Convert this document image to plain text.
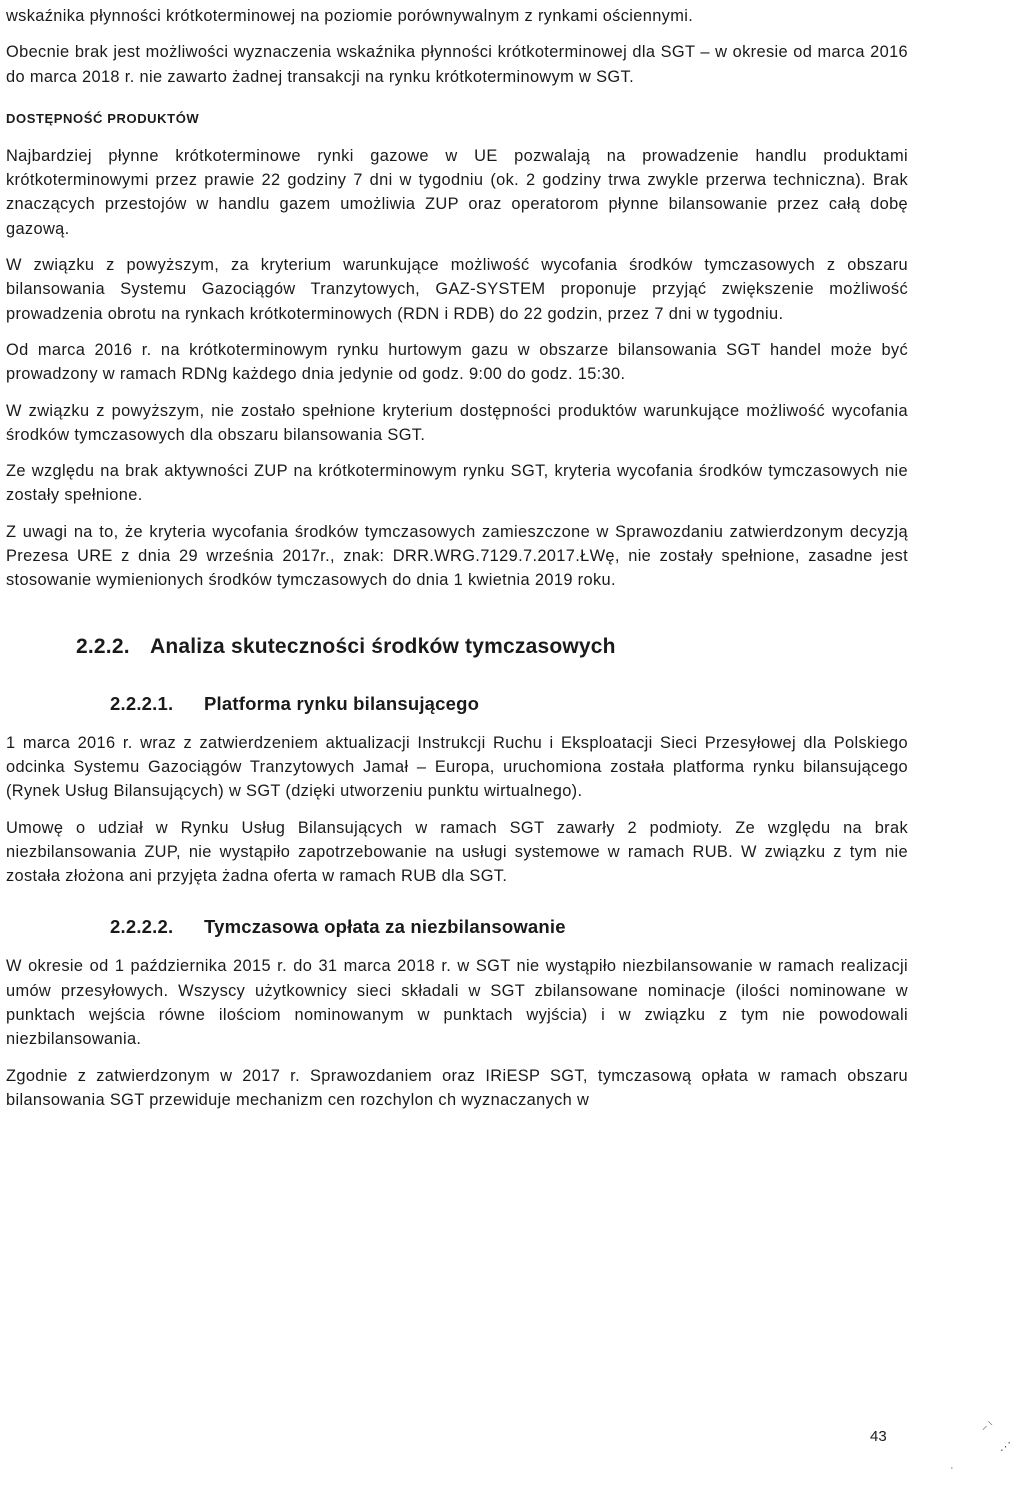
wskaźnika płynności krótkoterminowej na poziomie porównywalnym z rynkami ościennymi.

Obecnie brak jest możliwości wyznaczenia wskaźnika płynności krótkoterminowej dla SGT – w okresie od marca 2016 do marca 2018 r. nie zawarto żadnej transakcji na rynku krótkoterminowym w SGT.

DOSTĘPNOŚĆ PRODUKTÓW

Najbardziej płynne krótkoterminowe rynki gazowe w UE pozwalają na prowadzenie handlu produktami krótkoterminowymi przez prawie 22 godziny 7 dni w tygodniu (ok. 2 godziny trwa zwykle przerwa techniczna). Brak znaczących przestojów w handlu gazem umożliwia ZUP oraz operatorom płynne bilansowanie przez całą dobę gazową.

W związku z powyższym, za kryterium warunkujące możliwość wycofania środków tymczasowych z obszaru bilansowania Systemu Gazociągów Tranzytowych, GAZ-SYSTEM proponuje przyjąć zwiększenie możliwość prowadzenia obrotu na rynkach krótkoterminowych (RDN i RDB) do 22 godzin, przez 7 dni w tygodniu.

Od marca 2016 r. na krótkoterminowym rynku hurtowym gazu w obszarze bilansowania SGT handel może być prowadzony w ramach RDNg każdego dnia jedynie od godz. 9:00 do godz. 15:30.

W związku z powyższym, nie zostało spełnione kryterium dostępności produktów warunkujące możliwość wycofania środków tymczasowych dla obszaru bilansowania SGT.

Ze względu na brak aktywności ZUP na krótkoterminowym rynku SGT, kryteria wycofania środków tymczasowych nie zostały spełnione.

Z uwagi na to, że kryteria wycofania środków tymczasowych zamieszczone w Sprawozdaniu zatwierdzonym decyzją Prezesa URE z dnia 29 września 2017r., znak: DRR.WRG.7129.7.2017.ŁWę, nie zostały spełnione, zasadne jest stosowanie wymienionych środków tymczasowych do dnia 1 kwietnia 2019 roku.

2.2.2. Analiza skuteczności środków tymczasowych
2.2.2.1.	Platforma rynku bilansującego

1 marca 2016 r. wraz z zatwierdzeniem aktualizacji Instrukcji Ruchu i Eksploatacji Sieci Przesyłowej dla Polskiego odcinka Systemu Gazociągów Tranzytowych Jamał – Europa, uruchomiona została platforma rynku bilansującego (Rynek Usług Bilansujących) w SGT (dzięki utworzeniu punktu wirtualnego).

Umowę o udział w Rynku Usług Bilansujących w ramach SGT zawarły 2 podmioty. Ze względu na brak niezbilansowania ZUP, nie wystąpiło zapotrzebowanie na usługi systemowe w ramach RUB. W związku z tym nie została złożona ani przyjęta żadna oferta w ramach RUB dla SGT.

2.2.2.2.	Tymczasowa opłata za niezbilansowanie

W okresie od 1 października 2015 r. do 31 marca 2018 r. w SGT nie wystąpiło niezbilansowanie w ramach realizacji umów przesyłowych. Wszyscy użytkownicy sieci składali w SGT zbilansowane nominacje (ilości nominowane w punktach wejścia równe ilościom nominowanym w punktach wyjścia) i w związku z tym nie powodowali niezbilansowania.

Zgodnie z zatwierdzonym w 2017 r. Sprawozdaniem oraz IRiESP SGT, tymczasową opłata w ramach obszaru bilansowania SGT przewiduje mechanizm cen rozchylon ch wyznaczanych w

43
⸝⸌
⋰
·
